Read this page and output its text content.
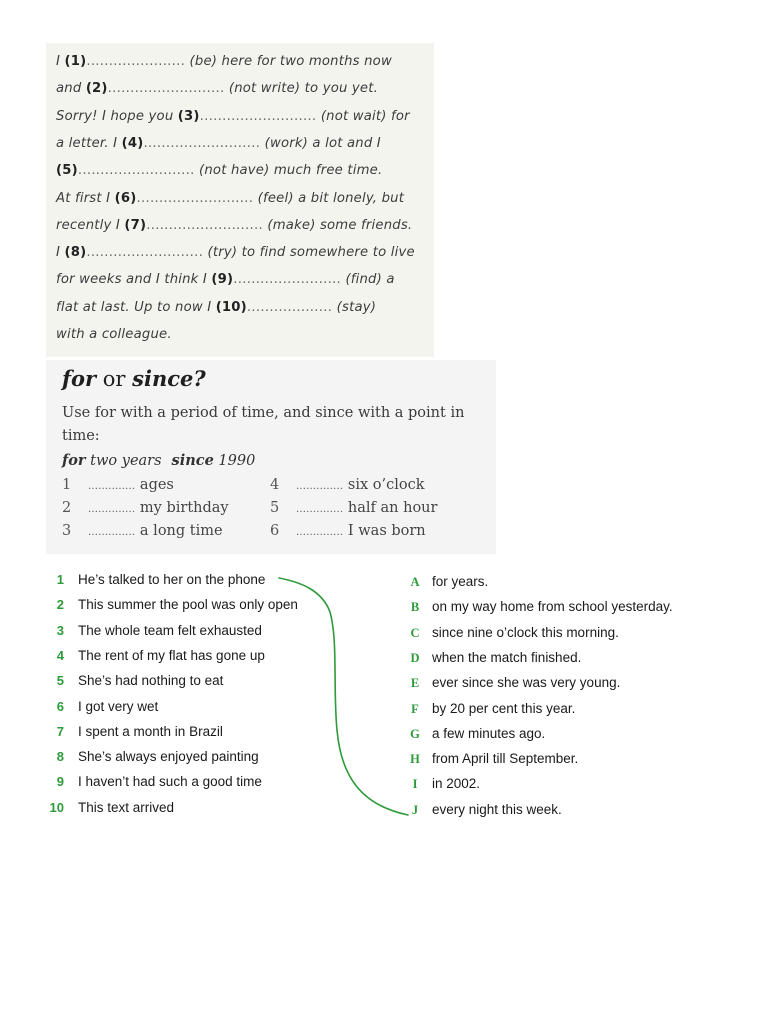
I (1)...................... (be) here for two months now
and (2).......................... (not write) to you yet.
Sorry! I hope you (3).......................... (not wait) for
a letter. I (4).......................... (work) a lot and I
(5).......................... (not have) much free time.
At first I (6).......................... (feel) a bit lonely, but
recently I (7).......................... (make) some friends.
I (8).......................... (try) to find somewhere to live
for weeks and I think I (9)........................ (find) a
flat at last. Up to now I (10)................... (stay)
with a colleague.
for or since?
Use for with a period of time, and since with a point in time:
for two years since 1990
1 .............. ages
2 .............. my birthday
3 .............. a long time
4 .............. six o’clock
5 .............. half an hour
6 .............. I was born
1 He’s talked to her on the phone
2 This summer the pool was only open
3 The whole team felt exhausted
4 The rent of my flat has gone up
5 She’s had nothing to eat
6 I got very wet
7 I spent a month in Brazil
8 She’s always enjoyed painting
9 I haven’t had such a good time
10 This text arrived
A for years.
B on my way home from school yesterday.
C since nine o’clock this morning.
D when the match finished.
E ever since she was very young.
F by 20 per cent this year.
G a few minutes ago.
H from April till September.
I	in 2002.
J every night this week.
